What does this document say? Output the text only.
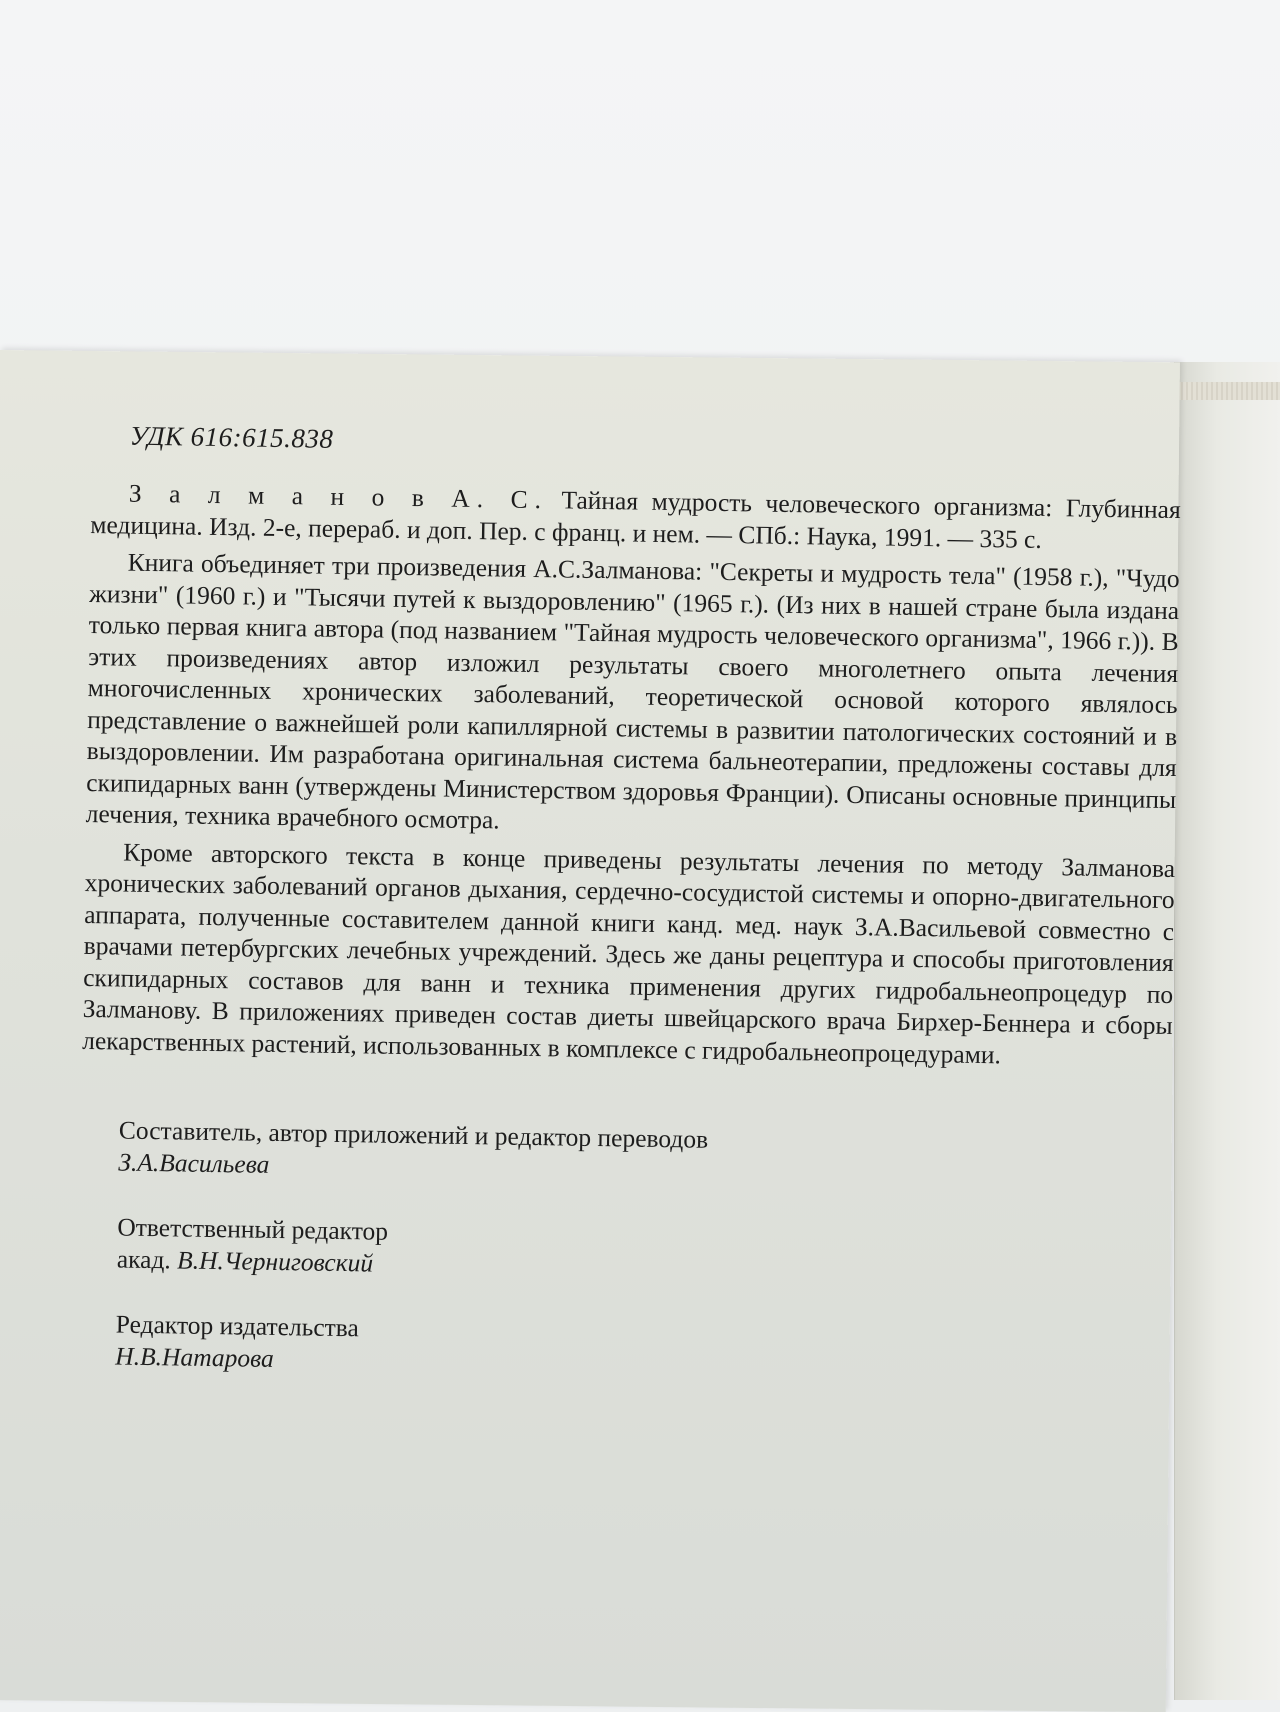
УДК 616:615.838

З а л м а н о в А. С. Тайная мудрость человеческого организма: Глубинная медицина. Изд. 2-е, перераб. и доп. Пер. с франц. и нем. — СПб.: Наука, 1991. — 335 с.

Книга объединяет три произведения А.С.Залманова: "Секреты и мудрость тела" (1958 г.), "Чудо жизни" (1960 г.) и "Тысячи путей к выздоровлению" (1965 г.). (Из них в нашей стране была издана только первая книга автора (под названием "Тайная мудрость человеческого организма", 1966 г.)). В этих произведениях автор изложил результаты своего многолетнего опыта лечения многочисленных хронических заболеваний, теоретической основой которого являлось представление о важнейшей роли капиллярной системы в развитии патологических состояний и в выздоровлении. Им разработана оригинальная система бальнеотерапии, предложены составы для скипидарных ванн (утверждены Министерством здоровья Франции). Описаны основные принципы лечения, техника врачебного осмотра.

Кроме авторского текста в конце приведены результаты лечения по методу Залманова хронических заболеваний органов дыхания, сердечно-сосудистой системы и опорно-двигательного аппарата, полученные составителем данной книги канд. мед. наук З.А.Васильевой совместно с врачами петербургских лечебных учреждений. Здесь же даны рецептура и способы приготовления скипидарных составов для ванн и техника применения других гидробальнеопроцедур по Залманову. В приложениях приведен состав диеты швейцарского врача Бирхер-Беннера и сборы лекарственных растений, использованных в комплексе с гидробальнеопроцедурами.

Составитель, автор приложений и редактор переводов
З.А.Васильева
Ответственный редактор
акад. В.Н.Черниговский
Редактор издательства
Н.В.Натарова
